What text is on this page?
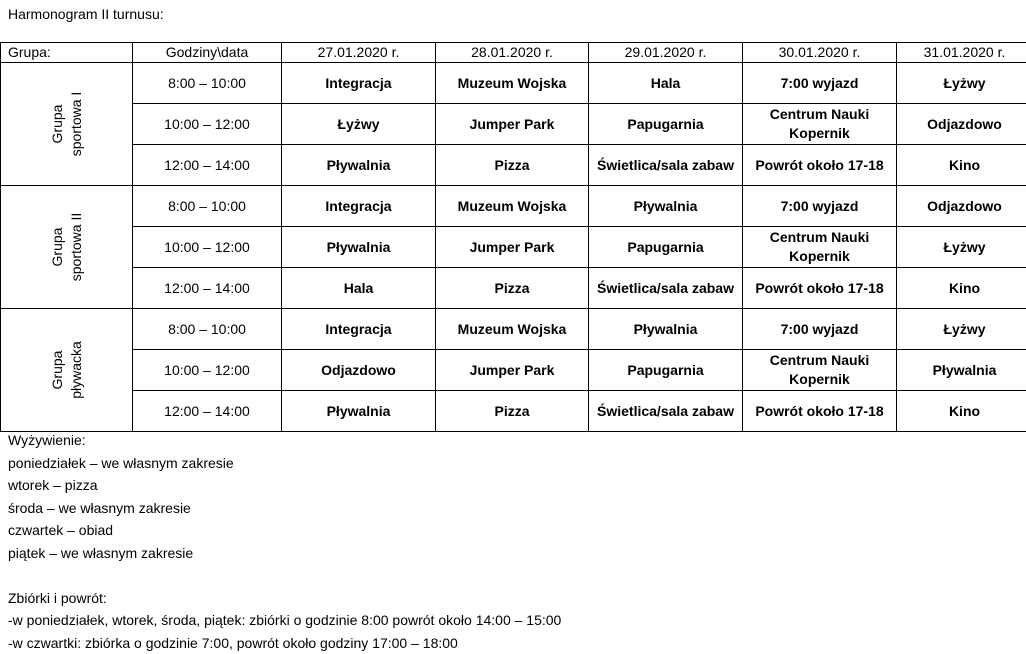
Harmonogram II turnusu:
Grupa:	Godziny\data	27.01.2020 r.	28.01.2020 r.	29.01.2020 r.	30.01.2020 r.	31.01.2020 r.

Grupa sportowa I	8:00 – 10:00	Integracja	Muzeum Wojska	Hala	7:00 wyjazd	Łyżwy
	10:00 – 12:00	Łyżwy	Jumper Park	Papugarnia	Centrum Nauki Kopernik	Odjazdowo
	12:00 – 14:00	Pływalnia	Pizza	Świetlica/sala zabaw	Powrót około 17-18	Kino

Grupa sportowa II	8:00 – 10:00	Integracja	Muzeum Wojska	Pływalnia	7:00 wyjazd	Odjazdowo
	10:00 – 12:00	Pływalnia	Jumper Park	Papugarnia	Centrum Nauki Kopernik	Łyżwy
	12:00 – 14:00	Hala	Pizza	Świetlica/sala zabaw	Powrót około 17-18	Kino

Grupa pływacka	8:00 – 10:00	Integracja	Muzeum Wojska	Pływalnia	7:00 wyjazd	Łyżwy
	10:00 – 12:00	Odjazdowo	Jumper Park	Papugarnia	Centrum Nauki Kopernik	Pływalnia
	12:00 – 14:00	Pływalnia	Pizza	Świetlica/sala zabaw	Powrót około 17-18	Kino
Wyżywienie:
poniedziałek – we własnym zakresie
wtorek – pizza
środa – we własnym zakresie
czwartek – obiad
piątek – we własnym zakresie
Zbiórki i powrót:
-w poniedziałek, wtorek, środa, piątek: zbiórki o godzinie 8:00 powrót około 14:00 – 15:00
-w czwartki: zbiórka o godzinie 7:00, powrót około godziny 17:00 – 18:00
